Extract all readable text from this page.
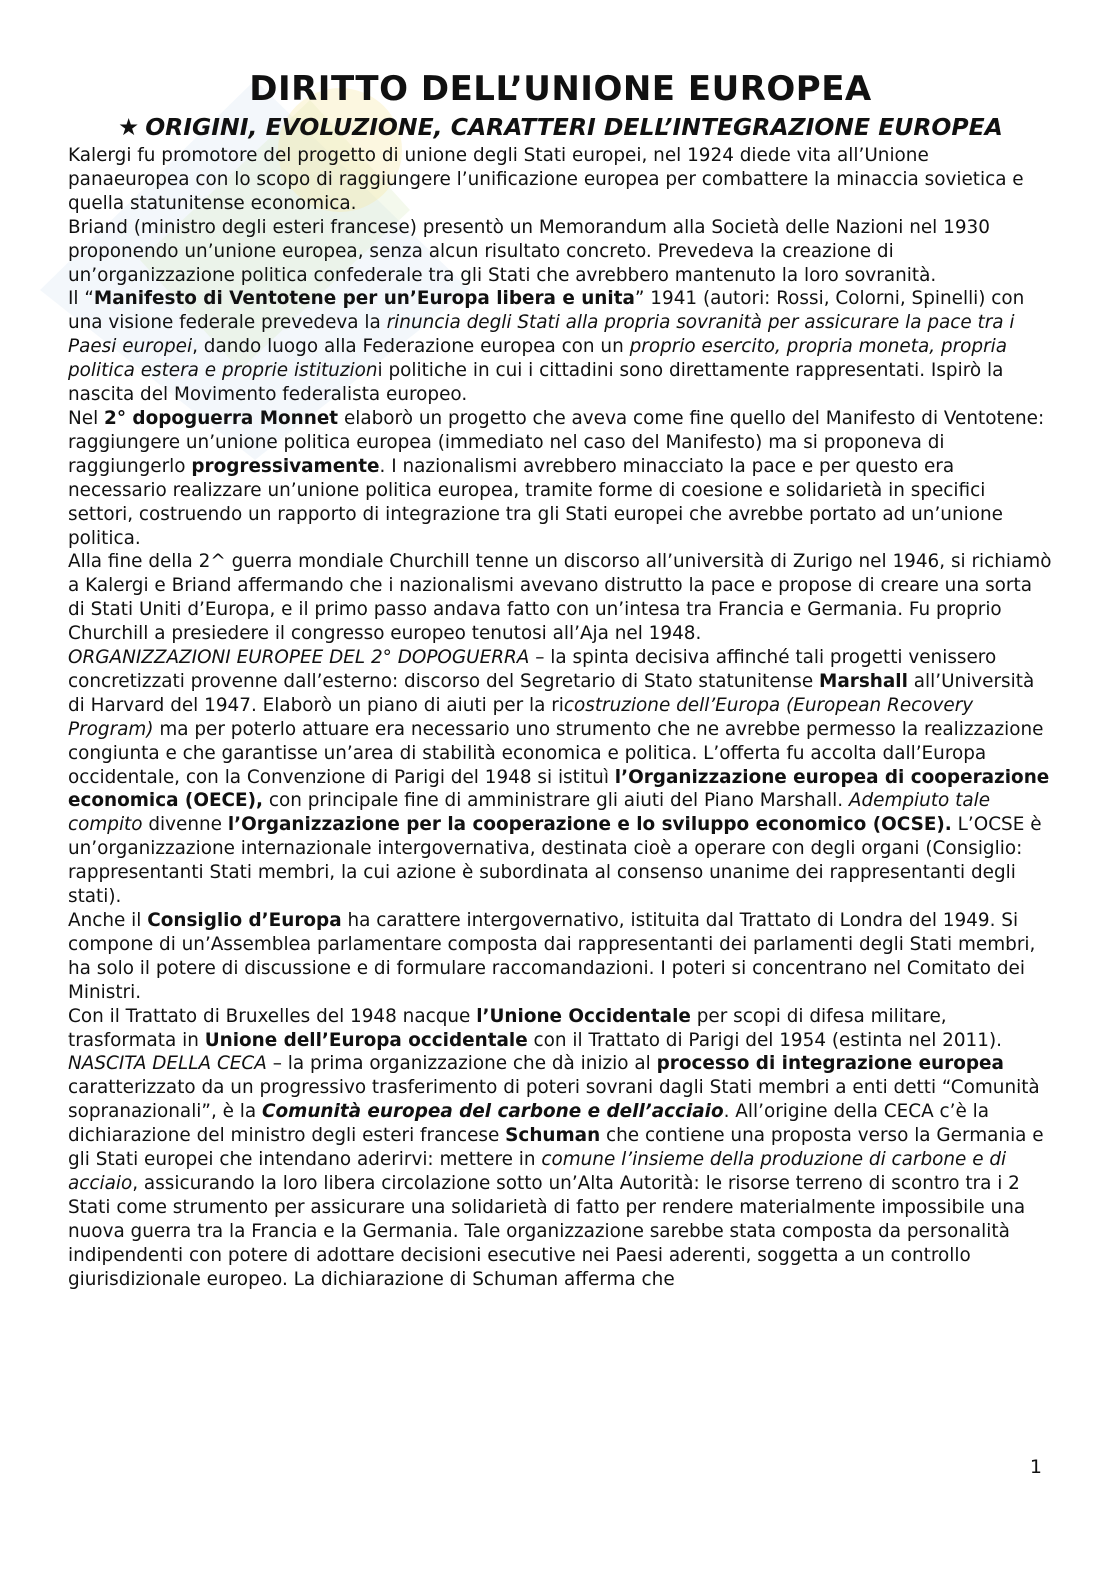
DIRITTO DELL’UNIONE EUROPEA
★ ORIGINI, EVOLUZIONE, CARATTERI DELL’INTEGRAZIONE EUROPEA

Kalergi fu promotore del progetto di unione degli Stati europei, nel 1924 diede vita all’Unione panaeuropea con lo scopo di raggiungere l’unificazione europea per combattere la minaccia sovietica e quella statunitense economica.

Briand (ministro degli esteri francese) presentò un Memorandum alla Società delle Nazioni nel 1930 proponendo un’unione europea, senza alcun risultato concreto. Prevedeva la creazione di un’organizzazione politica confederale tra gli Stati che avrebbero mantenuto la loro sovranità.

Il “Manifesto di Ventotene per un’Europa libera e unita” 1941 (autori: Rossi, Colorni, Spinelli) con una visione federale prevedeva la rinuncia degli Stati alla propria sovranità per assicurare la pace tra i Paesi europei, dando luogo alla Federazione europea con un proprio esercito, propria moneta, propria politica estera e proprie istituzioni politiche in cui i cittadini sono direttamente rappresentati. Ispirò la nascita del Movimento federalista europeo.

Nel 2° dopoguerra Monnet elaborò un progetto che aveva come fine quello del Manifesto di Ventotene: raggiungere un’unione politica europea (immediato nel caso del Manifesto) ma si proponeva di raggiungerlo progressivamente. I nazionalismi avrebbero minacciato la pace e per questo era necessario realizzare un’unione politica europea, tramite forme di coesione e solidarietà in specifici settori, costruendo un rapporto di integrazione tra gli Stati europei che avrebbe portato ad un’unione politica.

Alla fine della 2^ guerra mondiale Churchill tenne un discorso all’università di Zurigo nel 1946, si richiamò a Kalergi e Briand affermando che i nazionalismi avevano distrutto la pace e propose di creare una sorta di Stati Uniti d’Europa, e il primo passo andava fatto con un’intesa tra Francia e Germania. Fu proprio Churchill a presiedere il congresso europeo tenutosi all’Aja nel 1948.

ORGANIZZAZIONI EUROPEE DEL 2° DOPOGUERRA – la spinta decisiva affinché tali progetti venissero concretizzati provenne dall’esterno: discorso del Segretario di Stato statunitense Marshall all’Università di Harvard del 1947. Elaborò un piano di aiuti per la ricostruzione dell’Europa (European Recovery Program) ma per poterlo attuare era necessario uno strumento che ne avrebbe permesso la realizzazione congiunta e che garantisse un’area di stabilità economica e politica. L’offerta fu accolta dall’Europa occidentale, con la Convenzione di Parigi del 1948 si istituì l’Organizzazione europea di cooperazione economica (OECE), con principale fine di amministrare gli aiuti del Piano Marshall. Adempiuto tale compito divenne l’Organizzazione per la cooperazione e lo sviluppo economico (OCSE). L’OCSE è un’organizzazione internazionale intergovernativa, destinata cioè a operare con degli organi (Consiglio: rappresentanti Stati membri, la cui azione è subordinata al consenso unanime dei rappresentanti degli stati).

Anche il Consiglio d’Europa ha carattere intergovernativo, istituita dal Trattato di Londra del 1949. Si compone di un’Assemblea parlamentare composta dai rappresentanti dei parlamenti degli Stati membri, ha solo il potere di discussione e di formulare raccomandazioni. I poteri si concentrano nel Comitato dei Ministri.

Con il Trattato di Bruxelles del 1948 nacque l’Unione Occidentale per scopi di difesa militare, trasformata in Unione dell’Europa occidentale con il Trattato di Parigi del 1954 (estinta nel 2011).

NASCITA DELLA CECA – la prima organizzazione che dà inizio al processo di integrazione europea caratterizzato da un progressivo trasferimento di poteri sovrani dagli Stati membri a enti detti “Comunità sopranazionali”, è la Comunità europea del carbone e dell’acciaio. All’origine della CECA c’è la dichiarazione del ministro degli esteri francese Schuman che contiene una proposta verso la Germania e gli Stati europei che intendano aderirvi: mettere in comune l’insieme della produzione di carbone e di acciaio, assicurando la loro libera circolazione sotto un’Alta Autorità: le risorse terreno di scontro tra i 2 Stati come strumento per assicurare una solidarietà di fatto per rendere materialmente impossibile una nuova guerra tra la Francia e la Germania. Tale organizzazione sarebbe stata composta da personalità indipendenti con potere di adottare decisioni esecutive nei Paesi aderenti, soggetta a un controllo giurisdizionale europeo. La dichiarazione di Schuman afferma che

1
